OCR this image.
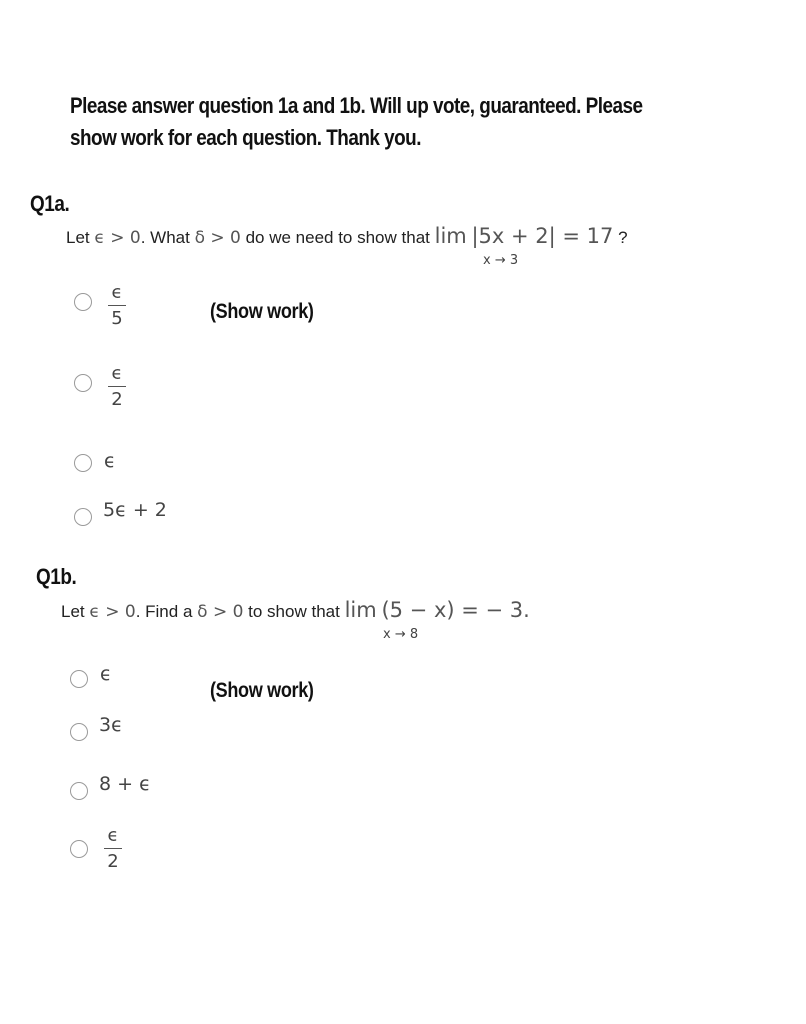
Please answer question 1a and 1b. Will up vote, guaranteed. Please
show work for each question. Thank you.
Q1a.
Let ϵ > 0. What δ > 0 do we need to show that lim |5x + 2| = 17 ?
x → 3
ϵ
5
ϵ
2
ϵ
5ϵ + 2
(Show work)
Q1b.
Let ϵ > 0. Find a δ > 0 to show that lim (5 − x) = − 3.
x → 8
ϵ
3ϵ
8 + ϵ
ϵ
2
(Show work)
